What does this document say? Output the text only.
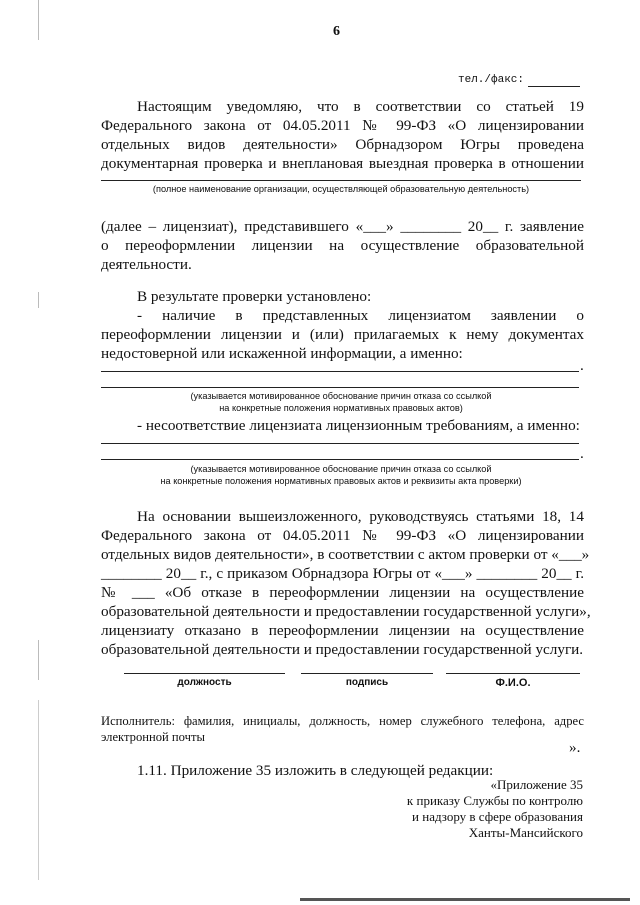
6
тел./факс:
Настоящим уведомляю, что в соответствии со статьей 19
Федерального закона от 04.05.2011 № 99-ФЗ «О лицензировании
отдельных видов деятельности» Обрнадзором Югры проведена
документарная проверка и внеплановая выездная проверка в отношении
(полное наименование организации, осуществляющей образовательную деятельность)
(далее – лицензиат), представившего «___» ________ 20__ г. заявление
о переоформлении лицензии на осуществление образовательной
деятельности.
В результате проверки установлено:
- наличие в представленных лицензиатом заявлении о
переоформлении лицензии и (или) прилагаемых к нему документах
недостоверной или искаженной информации, а именно:
.
(указывается мотивированное обоснование причин отказа со ссылкой
на конкретные положения нормативных правовых актов)
- несоответствие лицензиата лицензионным требованиям, а именно:
.
(указывается мотивированное обоснование причин отказа со ссылкой
на конкретные положения нормативных правовых актов и реквизиты акта проверки)
На основании вышеизложенного, руководствуясь статьями 18, 14
Федерального закона от 04.05.2011 № 99-ФЗ «О лицензировании
отдельных видов деятельности», в соответствии с актом проверки от «___»
________ 20__ г., с приказом Обрнадзора Югры от «___» ________ 20__ г.
№ ___ «Об отказе в переоформлении лицензии на осуществление
образовательной деятельности и предоставлении государственной услуги»,
лицензиату отказано в переоформлении лицензии на осуществление
образовательной деятельности и предоставлении государственной услуги.
должность	подпись	Ф.И.О.
Исполнитель: фамилия, инициалы, должность, номер служебного телефона, адрес
электронной почты
».
1.11. Приложение 35 изложить в следующей редакции:
«Приложение 35
к приказу Службы по контролю
и надзору в сфере образования
Ханты-Мансийского
